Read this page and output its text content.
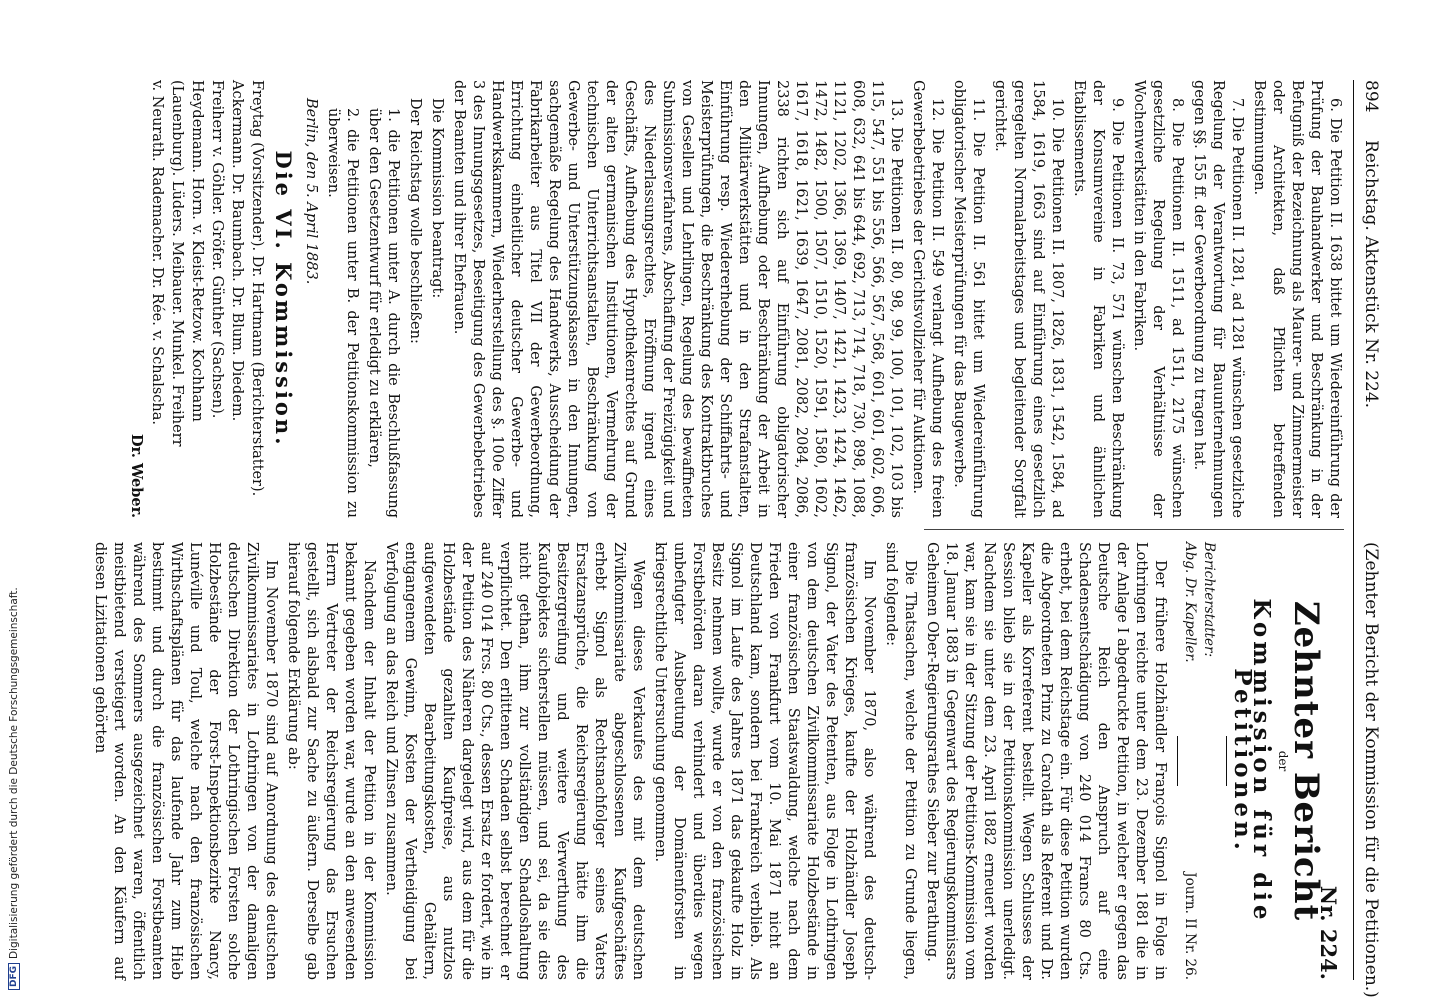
DFG
Digitalisierung gefördert durch die Deutsche Forschungsgemeinschaft.
894
Reichstag. Aktenstück Nr. 224.
(Zehnter Bericht der Kommission für die Petitionen.)

6. Die Petition II. 1638 bittet um Wiedereinführung der Prüfung der Bauhandwerker und Beschränkung in der Befugniß der Bezeichnung als Maurer- und Zimmermeister oder Architekten, daß Pflichten betreffenden Bestimmungen.

7. Die Petitionen II. 1281, ad 1281 wünschen gesetzliche Regelung der Verantwortung für Bauunternehmungen gegen §§. 155 ff. der Gewerbeordnung zu tragen hat.

8. Die Petitionen II. 1511, ad 1511, 2175 wünschen gesetzliche Regelung der Verhältnisse der Wochenwerkstätten in den Fabriken.

9. Die Petitionen II. 73, 571 wünschen Beschränkung der Konsumvereine in Fabriken und ähnlichen Etablissements.

10. Die Petitionen II. 1807, 1826, 1831, 1542, 1584, ad 1584, 1619, 1663 sind auf Einführung eines gesetzlich geregelten Normalarbeitstages und begleitender Sorgfalt gerichtet.

11. Die Petition II. 561 bittet um Wiedereinführung obligatorischer Meisterprüfungen für das Baugewerbe.

12. Die Petition II. 549 verlangt Aufhebung des freien Gewerbebetriebes der Gerichtsvollzieher für Auktionen.

13. Die Petitionen II. 80, 98, 99, 100, 101, 102, 103 bis 115, 547, 551 bis 556, 566, 567, 568, 601, 601, 602, 606, 608, 632, 641 bis 644, 692, 713, 714, 718, 730, 898, 1088, 1121, 1202, 1366, 1369, 1407, 1421, 1423, 1424, 1462, 1472, 1482, 1500, 1507, 1510, 1520, 1591, 1580, 1602, 1617, 1618, 1621, 1639, 1647, 2081, 2082, 2084, 2086, 2338 richten sich auf Einführung obligatorischer Innungen, Aufhebung oder Beschränkung der Arbeit in den Militärwerkstätten und in den Strafanstalten, Einführung resp. Wiedererhebung der Schiffahrts- und Meisterprüfungen, die Beschränkung des Kontraktbruches von Gesellen und Lehrlingen, Regelung des bewaffneten Submissionsverfahrens, Abschaffung der Freizügigkeit und des Niederlassungsrechtes, Eröffnung irgend eines Geschäfts, Aufhebung des Hypothekenrechtes auf Grund der alten germanischen Institutionen, Vermehrung der technischen Unterrichtsanstalten, Beschränkung von Gewerbe- und Unterstützungskassen in den Innungen, sachgemäße Regelung des Handwerks, Ausscheidung der Fabrikarbeiter aus Titel VII der Gewerbeordnung, Errichtung einheitlicher deutscher Gewerbe- und Handwerkskammern, Wiederherstellung des §. 100e Ziffer 3 des Innungsgesetzes, Beseitigung des Gewerbebetriebes der Beamten und ihrer Ehefrauen.

Die Kommission beantragt:

Der Reichstag wolle beschließen:

1. die Petitionen unter A. durch die Beschlußfassung über den Gesetzentwurf für erledigt zu erklären,

2. die Petitionen unter B. der Petitionskommission zu überweisen.

Berlin, den 5. April 1883.

Die VI. Kommission.

Freytag (Vorsitzender). Dr. Hartmann (Berichterstatter).

Ackermann. Dr. Baumbach. Dr. Blum. Diedem.

Freiherr v. Göhler. Gröfer. Günther (Sachsen).

Heydemann. Horn. v. Kleist-Retzow. Kochhann

(Lauenburg). Lüders. Meibauer. Munkel. Freiherr

v. Neurath. Rademacher. Dr. Rée. v. Schalscha.

Dr. Weber.

Nr. 224.
Zehnter Bericht
der
Kommission für die Petitionen.
Berichterstatter:
Abg. Dr. Kapeller.
Journ. II Nr. 26.

Der frühere Holzhändler François Signol in Folge in Lothringen reichte unter dem 23. Dezember 1881 die in der Anlage I abgedruckte Petition, in welcher er gegen das Deutsche Reich den Anspruch auf eine Schadensentschädigung von 240 014 Francs 80 Cts. erhebt, bei dem Reichstage ein. Für diese Petition wurden die Abgeordneten Prinz zu Carolath als Referent und Dr. Kapeller als Korreferent bestellt. Wegen Schlusses der Session blieb sie in der Petitionskommission unerledigt. Nachdem sie unter dem 23. April 1882 erneuert worden war, kam sie in der Sitzung der Petitions-Kommission vom 18. Januar 1883 in Gegenwart des Regierungskommissars Geheimen Ober-Regierungsrathes Sieber zur Berathung.

Die Thatsachen, welche der Petition zu Grunde liegen, sind folgende:

Im November 1870, also während des deutsch-französischen Krieges, kaufte der Holzhändler Joseph Signol, der Vater des Petenten, aus Folge in Lothringen von dem deutschen Zivilkommissariate Holzbestände in einer französischen Staatswaldung, welche nach dem Frieden von Frankfurt vom 10. Mai 1871 nicht an Deutschland kam, sondern bei Frankreich verblieb. Als Signol im Laufe des Jahres 1871 das gekaufte Holz in Besitz nehmen wollte, wurde er von den französischen Forstbehörden daran verhindert und überdies wegen unbefugter Ausbeutung der Domänenforsten in kriegsrechtliche Untersuchung genommen.

Wegen dieses Verkaufes des mit dem deutschen Zivilkommissariate abgeschlossenen Kaufgeschäftes erhebt Signol als Rechtsnachfolger seines Vaters Ersatzansprüche, die Reichsregierung hätte ihm die Besitzergreifung und weitere Verwerthung des Kaufobjektes sicherstellen müssen, und sei, da sie dies nicht gethan, ihm zur vollständigen Schadloshaltung verpflichtet. Den erlittenen Schaden selbst berechnet er auf 240 014 Frcs. 80 Cts., dessen Ersatz er fordert, wie in der Petition des Näheren dargelegt wird, aus dem für die Holzbestände gezahlten Kaufpreise, aus nutzlos aufgewendeten Bearbeitungskosten, Gehältern, entgangenem Gewinn, Kosten der Vertheidigung bei Verfolgung an das Reich und Zinsen zusammen.

Nachdem der Inhalt der Petition in der Kommission bekannt gegeben worden war, wurde an den anwesenden Herrn Vertreter der Reichsregierung das Ersuchen gestellt, sich alsbald zur Sache zu äußern. Derselbe gab hierauf folgende Erklärung ab:

Im November 1870 sind auf Anordnung des deutschen Zivilkommissariates in Lothringen von der damaligen deutschen Direktion der Lothringischen Forsten solche Holzbestände der Forst-Inspektionsbezirke Nancy, Lunéville und Toul, welche nach den französischen Wirthschaftsplänen für das laufende Jahr zum Hieb bestimmt und durch die französischen Forstbeamten während des Sommers ausgezeichnet waren, öffentlich meistbietend versteigert worden. An den Käufern auf diesen Lizitationen gehörten
